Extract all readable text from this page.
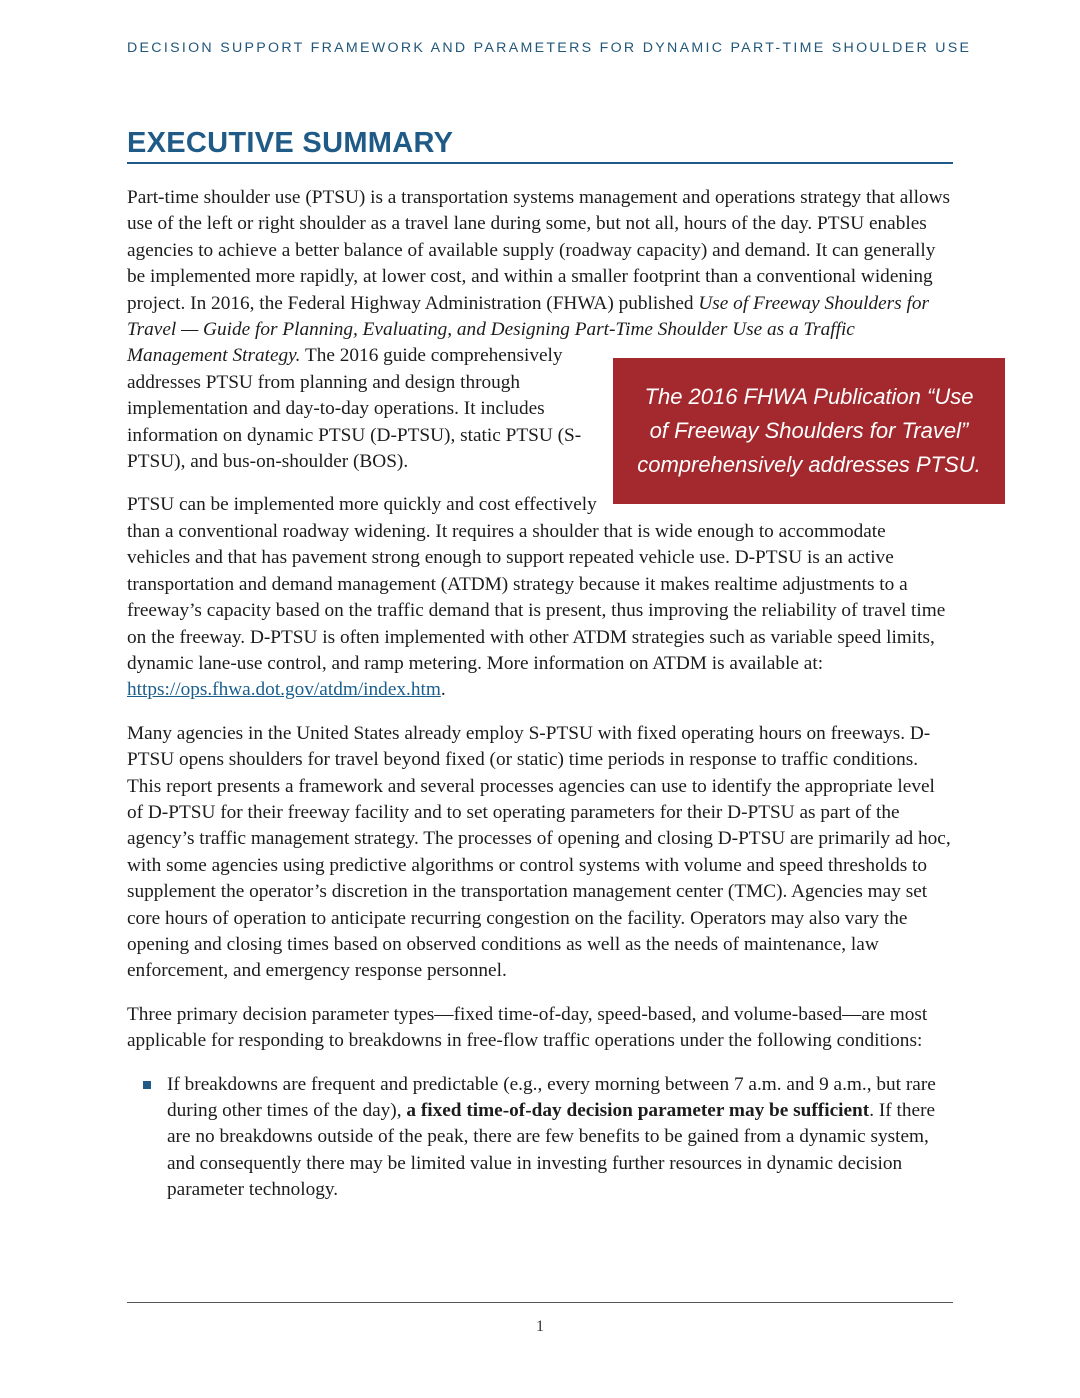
DECISION SUPPORT FRAMEWORK AND PARAMETERS FOR DYNAMIC PART-TIME SHOULDER USE
EXECUTIVE SUMMARY

Part-time shoulder use (PTSU) is a transportation systems management and operations strategy that allows use of the left or right shoulder as a travel lane during some, but not all, hours of the day. PTSU enables agencies to achieve a better balance of available supply (roadway capacity) and demand. It can generally be implemented more rapidly, at lower cost, and within a smaller footprint than a conventional widening project. In 2016, the Federal Highway Administration (FHWA) published Use of Freeway Shoulders for Travel — Guide for Planning, Evaluating, and Designing Part-Time Shoulder Use as a Traffic Management Strategy.
The 2016 FHWA Publication “Use of Freeway Shoulders for Travel” comprehensively addresses PTSU.
The 2016 guide comprehensively addresses PTSU from planning and design through implementation and day-to-day operations. It includes information on dynamic PTSU (D-PTSU), static PTSU (S-PTSU), and bus-on-shoulder (BOS).

PTSU can be implemented more quickly and cost effectively than a conventional roadway widening. It requires a shoulder that is wide enough to accommodate vehicles and that has pavement strong enough to support repeated vehicle use. D-PTSU is an active transportation and demand management (ATDM) strategy because it makes realtime adjustments to a freeway’s capacity based on the traffic demand that is present, thus improving the reliability of travel time on the freeway. D-PTSU is often implemented with other ATDM strategies such as variable speed limits, dynamic lane-use control, and ramp metering. More information on ATDM is available at: https://ops.fhwa.dot.gov/atdm/index.htm.

Many agencies in the United States already employ S-PTSU with fixed operating hours on freeways. D-PTSU opens shoulders for travel beyond fixed (or static) time periods in response to traffic conditions. This report presents a framework and several processes agencies can use to identify the appropriate level of D-PTSU for their freeway facility and to set operating parameters for their D-PTSU as part of the agency’s traffic management strategy. The processes of opening and closing D-PTSU are primarily ad hoc, with some agencies using predictive algorithms or control systems with volume and speed thresholds to supplement the operator’s discretion in the transportation management center (TMC). Agencies may set core hours of operation to anticipate recurring congestion on the facility. Operators may also vary the opening and closing times based on observed conditions as well as the needs of maintenance, law enforcement, and emergency response personnel.

Three primary decision parameter types—fixed time-of-day, speed-based, and volume-based—are most applicable for responding to breakdowns in free-flow traffic operations under the following conditions:

If breakdowns are frequent and predictable (e.g., every morning between 7 a.m. and 9 a.m., but rare during other times of the day), a fixed time-of-day decision parameter may be sufficient. If there are no breakdowns outside of the peak, there are few benefits to be gained from a dynamic system, and consequently there may be limited value in investing further resources in dynamic decision parameter technology.
1
